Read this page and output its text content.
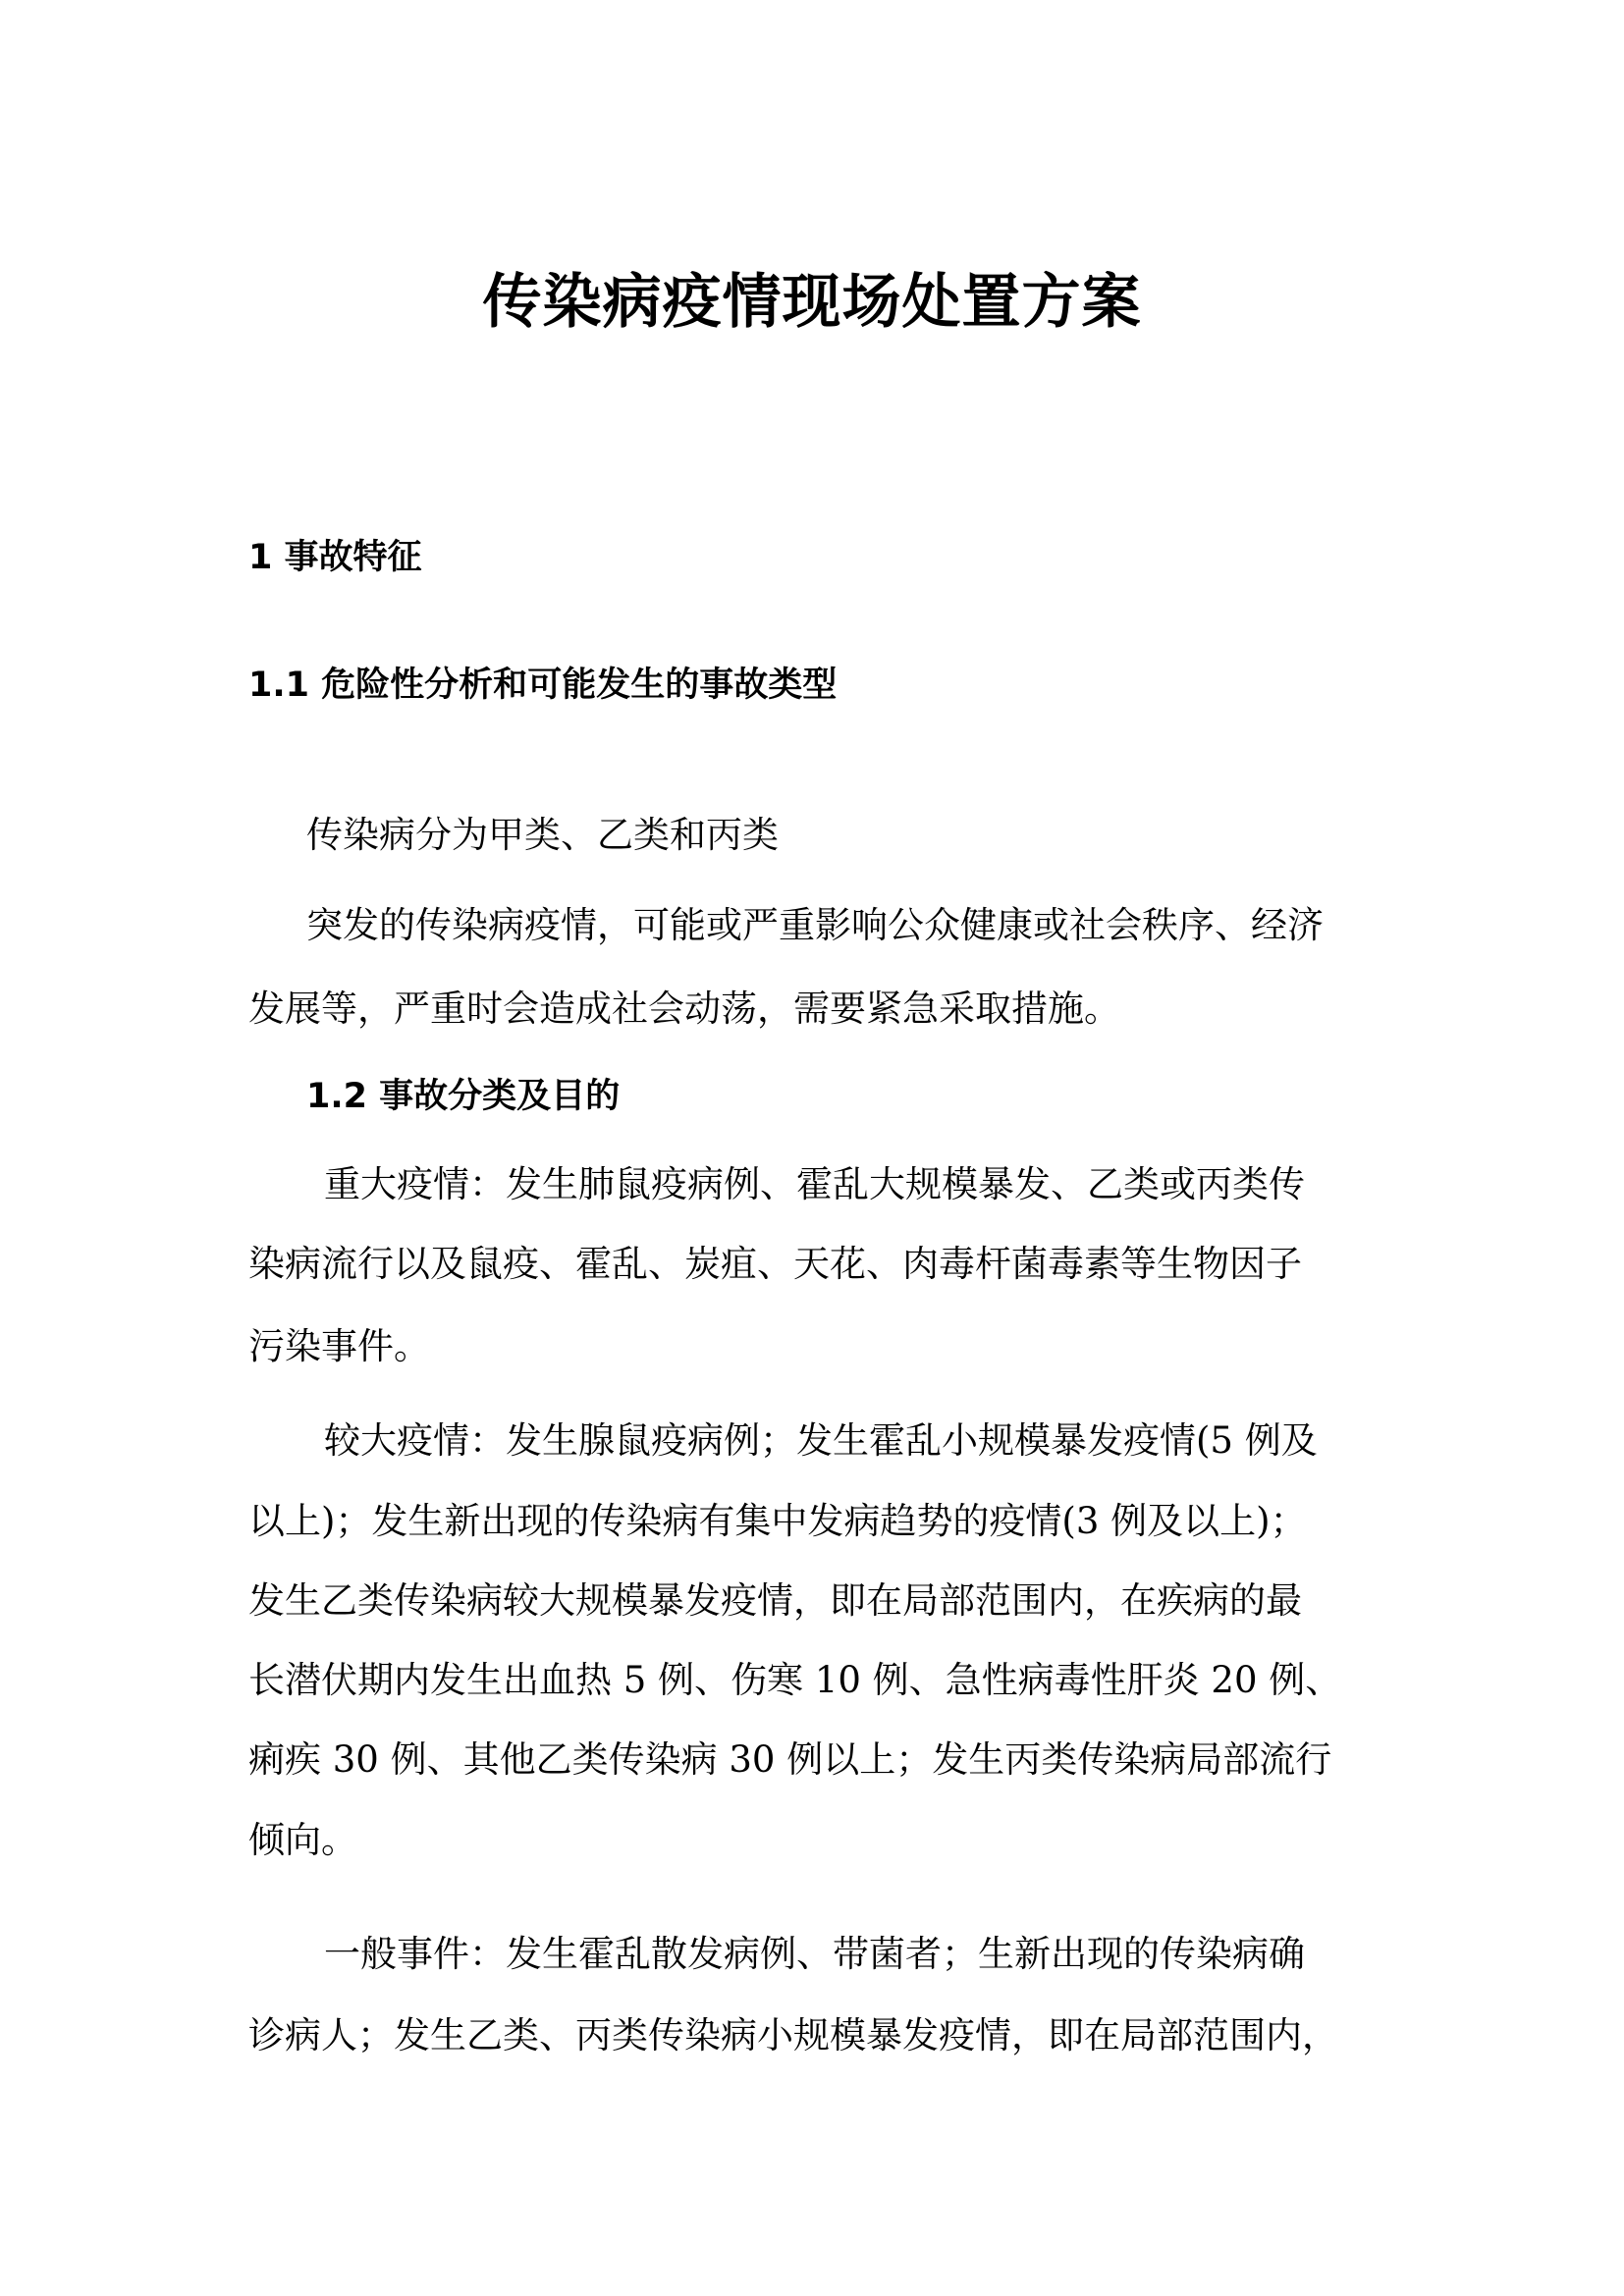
传染病疫情现场处置方案
1 事故特征
1.1 危险性分析和可能发生的事故类型
传染病分为甲类、乙类和丙类
突发的传染病疫情，可能或严重影响公众健康或社会秩序、经济
发展等，严重时会造成社会动荡，需要紧急采取措施。
1.2 事故分类及目的
重大疫情：发生肺鼠疫病例、霍乱大规模暴发、乙类或丙类传
染病流行以及鼠疫、霍乱、炭疽、天花、肉毒杆菌毒素等生物因子
污染事件。
较大疫情：发生腺鼠疫病例；发生霍乱小规模暴发疫情(5 例及
以上)；发生新出现的传染病有集中发病趋势的疫情(3 例及以上)；
发生乙类传染病较大规模暴发疫情，即在局部范围内，在疾病的最
长潜伏期内发生出血热 5 例、伤寒 10 例、急性病毒性肝炎 20 例、
痢疾 30 例、其他乙类传染病 30 例以上；发生丙类传染病局部流行
倾向。
一般事件：发生霍乱散发病例、带菌者；生新出现的传染病确
诊病人；发生乙类、丙类传染病小规模暴发疫情，即在局部范围内，
